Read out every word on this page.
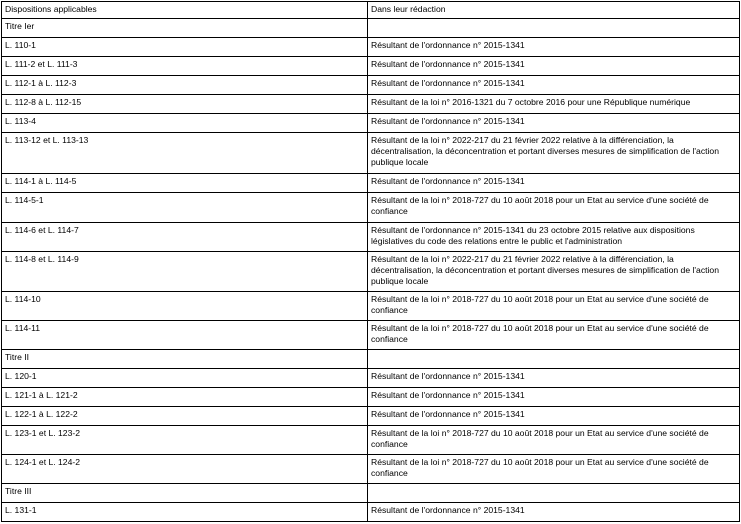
Dispositions applicables	Dans leur rédaction
Titre Ier	
L. 110-1	Résultant de l'ordonnance n° 2015-1341
L. 111-2 et L. 111-3	Résultant de l'ordonnance n° 2015-1341
L. 112-1 à L. 112-3	Résultant de l'ordonnance n° 2015-1341
L. 112-8 à L. 112-15	Résultant de la loi n° 2016-1321 du 7 octobre 2016 pour une République numérique
L. 113-4	Résultant de l'ordonnance n° 2015-1341
L. 113-12 et L. 113-13	Résultant de la loi n° 2022-217 du 21 février 2022 relative à la différenciation, la décentralisation, la déconcentration et portant diverses mesures de simplification de l'action publique locale
L. 114-1 à L. 114-5	Résultant de l'ordonnance n° 2015-1341
L. 114-5-1	Résultant de la loi n° 2018-727 du 10 août 2018 pour un Etat au service d'une société de confiance
L. 114-6 et L. 114-7	Résultant de l'ordonnance n° 2015-1341 du 23 octobre 2015 relative aux dispositions législatives du code des relations entre le public et l'administration
L. 114-8 et L. 114-9	Résultant de la loi n° 2022-217 du 21 février 2022 relative à la différenciation, la décentralisation, la déconcentration et portant diverses mesures de simplification de l'action publique locale
L. 114-10	Résultant de la loi n° 2018-727 du 10 août 2018 pour un Etat au service d'une société de confiance
L. 114-11	Résultant de la loi n° 2018-727 du 10 août 2018 pour un Etat au service d'une société de confiance
Titre II	
L. 120-1	Résultant de l'ordonnance n° 2015-1341
L. 121-1 à L. 121-2	Résultant de l'ordonnance n° 2015-1341
L. 122-1 à L. 122-2	Résultant de l'ordonnance n° 2015-1341
L. 123-1 et L. 123-2	Résultant de la loi n° 2018-727 du 10 août 2018 pour un Etat au service d'une société de confiance
L. 124-1 et L. 124-2	Résultant de la loi n° 2018-727 du 10 août 2018 pour un Etat au service d'une société de confiance
Titre III	
L. 131-1	Résultant de l'ordonnance n° 2015-1341
